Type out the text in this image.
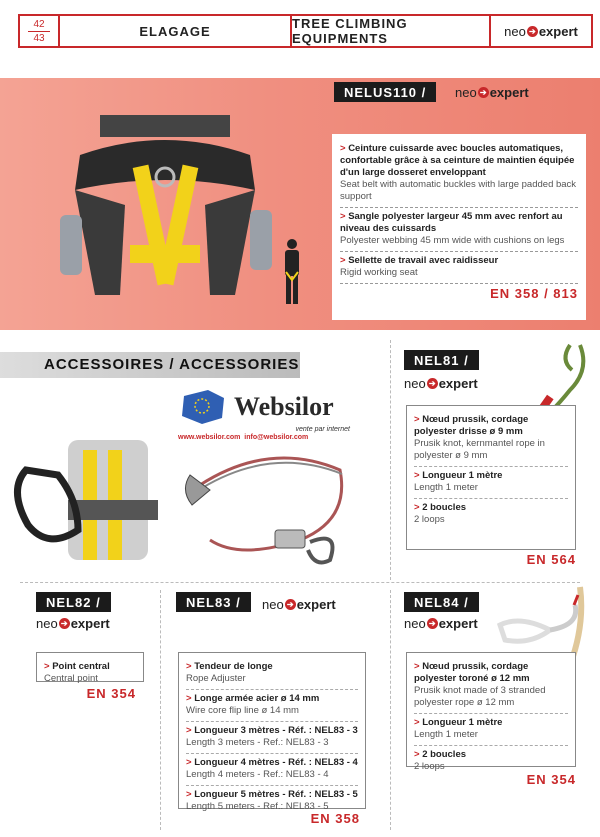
42
43	ELAGAGE	TREE CLIMBING EQUIPMENTS	neo ➔ expert
NELUS110 /	neo ➔ expert
> Ceinture cuissarde avec boucles automatiques, confortable grâce à sa ceinture de maintien équipée d'un large dosseret enveloppant
Seat belt with automatic buckles with large padded back support
> Sangle polyester largeur 45 mm avec renfort au niveau des cuissards
Polyester webbing 45 mm wide with cushions on legs
> Sellette de travail avec raidisseur
Rigid working seat
EN 358 / 813
ACCESSOIRES / ACCESSORIES
Websilor
vente par internet
www.websilor.com info@websilor.com
NEL81 /
neo ➔ expert
> Nœud prussik, cordage polyester drisse ø 9 mm
Prusik knot, kernmantel rope in polyester ø 9 mm
> Longueur 1 mètre
Length 1 meter
> 2 boucles
2 loops
EN 564
NEL82 /
neo ➔ expert
> Point central
Central point
EN 354
NEL83 /	neo ➔ expert
> Tendeur de longe
Rope Adjuster
> Longe armée acier ø 14 mm
Wire core flip line ø 14 mm
> Longueur 3 mètres - Réf. : NEL83 - 3
Length 3 meters - Ref.: NEL83 - 3
> Longueur 4 mètres - Réf. : NEL83 - 4
Length 4 meters - Ref.: NEL83 - 4
> Longueur 5 mètres - Réf. : NEL83 - 5
Length 5 meters - Ref.: NEL83 - 5
EN 358
NEL84 /
neo ➔ expert
> Nœud prussik, cordage polyester toroné ø 12 mm
Prusik knot made of 3 stranded polyester rope ø 12 mm
> Longueur 1 mètre
Length 1 meter
> 2 boucles
2 loops
EN 354
